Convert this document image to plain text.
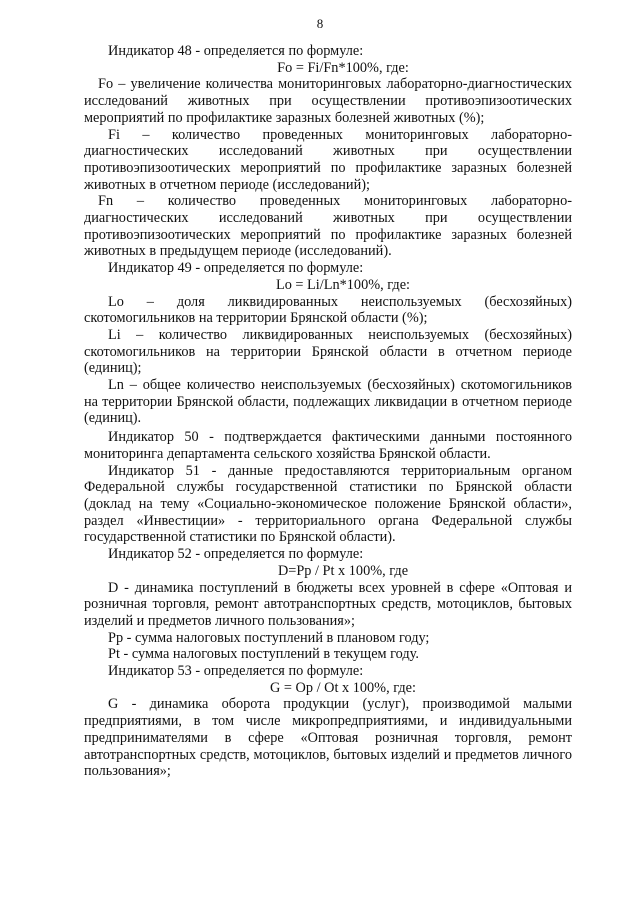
8

Индикатор 48 - определяется по формуле:

Fo = Fi/Fn*100%, где:

Fo – увеличение количества мониторинговых лабораторно-диагностических исследований животных при осуществлении противоэпизоотических мероприятий по профилактике заразных болезней животных (%);

Fi – количество проведенных мониторинговых лабораторно-диагностических исследований животных при осуществлении противоэпизоотических мероприятий по профилактике заразных болезней животных в отчетном периоде (исследований);

Fn – количество проведенных мониторинговых лабораторно-диагностических исследований животных при осуществлении противоэпизоотических мероприятий по профилактике заразных болезней животных в предыдущем периоде (исследований).

Индикатор 49 - определяется по формуле:

Lo = Li/Ln*100%, где:

Lo – доля ликвидированных неиспользуемых (бесхозяйных) скотомогильников на территории Брянской области (%);

Li – количество ликвидированных неиспользуемых (бесхозяйных) скотомогильников на территории Брянской области в отчетном периоде (единиц);

Ln – общее количество неиспользуемых (бесхозяйных) скотомогильников на территории Брянской области, подлежащих ликвидации в отчетном периоде (единиц).

Индикатор 50 - подтверждается фактическими данными постоянного мониторинга департамента сельского хозяйства Брянской области.

Индикатор 51 - данные предоставляются территориальным органом Федеральной службы государственной статистики по Брянской области (доклад на тему «Социально-экономическое положение Брянской области», раздел «Инвестиции» - территориального органа Федеральной службы государственной статистики по Брянской области).

Индикатор 52 - определяется по формуле:

D=Pp / Pt x 100%, где

D - динамика поступлений в бюджеты всех уровней в сфере «Оптовая и розничная торговля, ремонт автотранспортных средств, мотоциклов, бытовых изделий и предметов личного пользования»;

Pp - сумма налоговых поступлений в плановом году;

Pt - сумма налоговых поступлений в текущем году.

Индикатор 53 - определяется по формуле:

G = Op / Ot x 100%, где:

G - динамика оборота продукции (услуг), производимой малыми предприятиями, в том числе микропредприятиями, и индивидуальными предпринимателями в сфере «Оптовая розничная торговля, ремонт автотранспортных средств, мотоциклов, бытовых изделий и предметов личного пользования»;
